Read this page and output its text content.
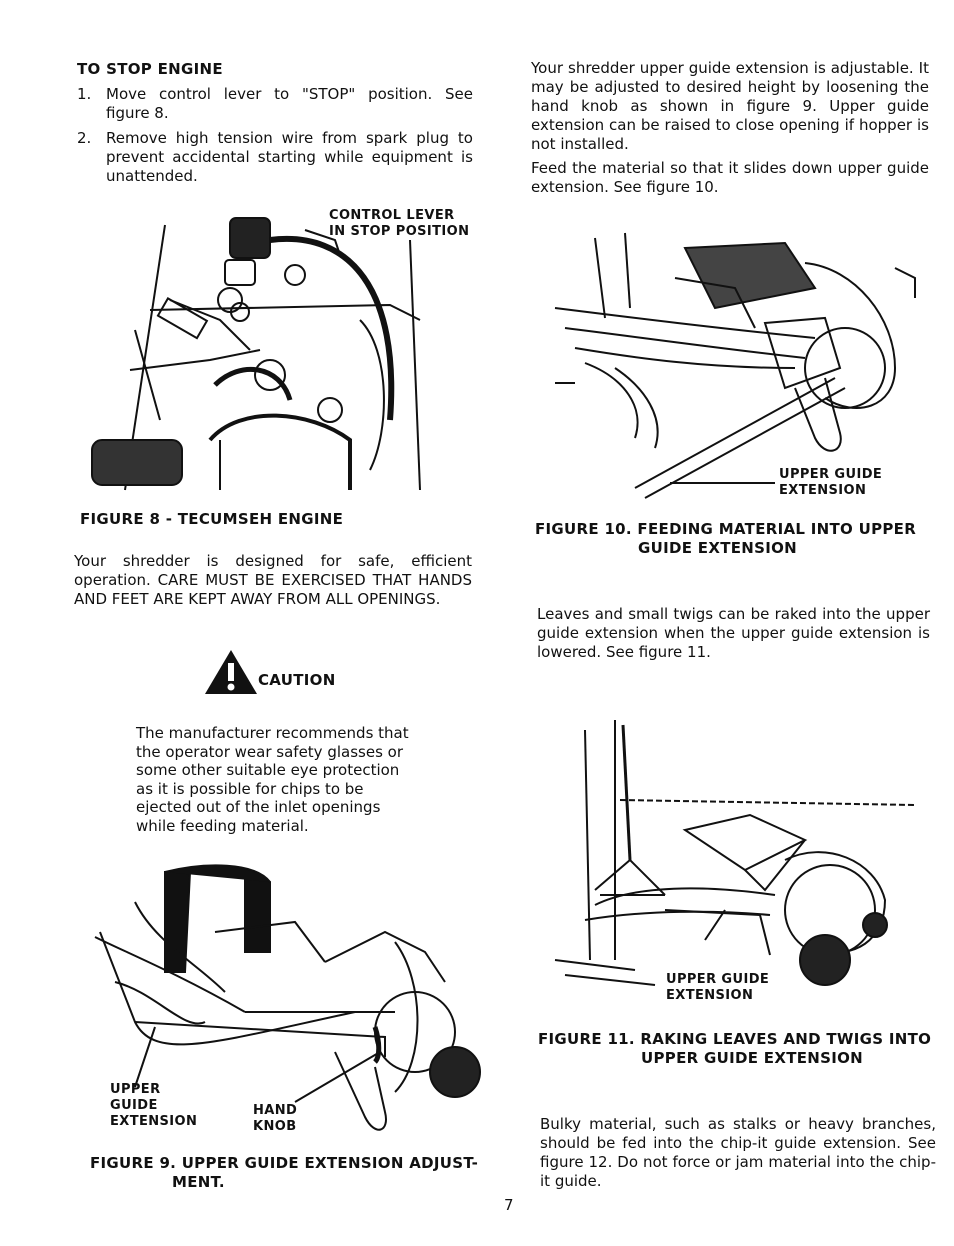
TO STOP ENGINE
1. Move control lever to "STOP" position. See figure 8.
2. Remove high tension wire from spark plug to prevent accidental starting while equipment is unattended.
CONTROL LEVER
IN STOP POSITION
FIGURE 8 - TECUMSEH ENGINE
Your shredder is designed for safe, efficient operation. CARE MUST BE EXERCISED THAT HANDS AND FEET ARE KEPT AWAY FROM ALL OPENINGS.
CAUTION
The manufacturer recommends that the operator wear safety glasses or some other suitable eye protection as it is possible for chips to be ejected out of the inlet openings while feeding material.
UPPER
GUIDE
EXTENSION
HAND
KNOB
FIGURE 9. UPPER GUIDE EXTENSION ADJUST-
MENT.
Your shredder upper guide extension is adjustable. It may be adjusted to desired height by loosening the hand knob as shown in figure 9. Upper guide extension can be raised to close opening if hopper is not installed.
Feed the material so that it slides down upper guide extension. See figure 10.
UPPER GUIDE
EXTENSION
FIGURE 10. FEEDING MATERIAL INTO UPPER
GUIDE EXTENSION
Leaves and small twigs can be raked into the upper guide extension when the upper guide extension is lowered. See figure 11.
UPPER GUIDE
EXTENSION
FIGURE 11. RAKING LEAVES AND TWIGS INTO
UPPER GUIDE EXTENSION
Bulky material, such as stalks or heavy branches, should be fed into the chip-it guide extension. See figure 12. Do not force or jam material into the chip-it guide.
7
